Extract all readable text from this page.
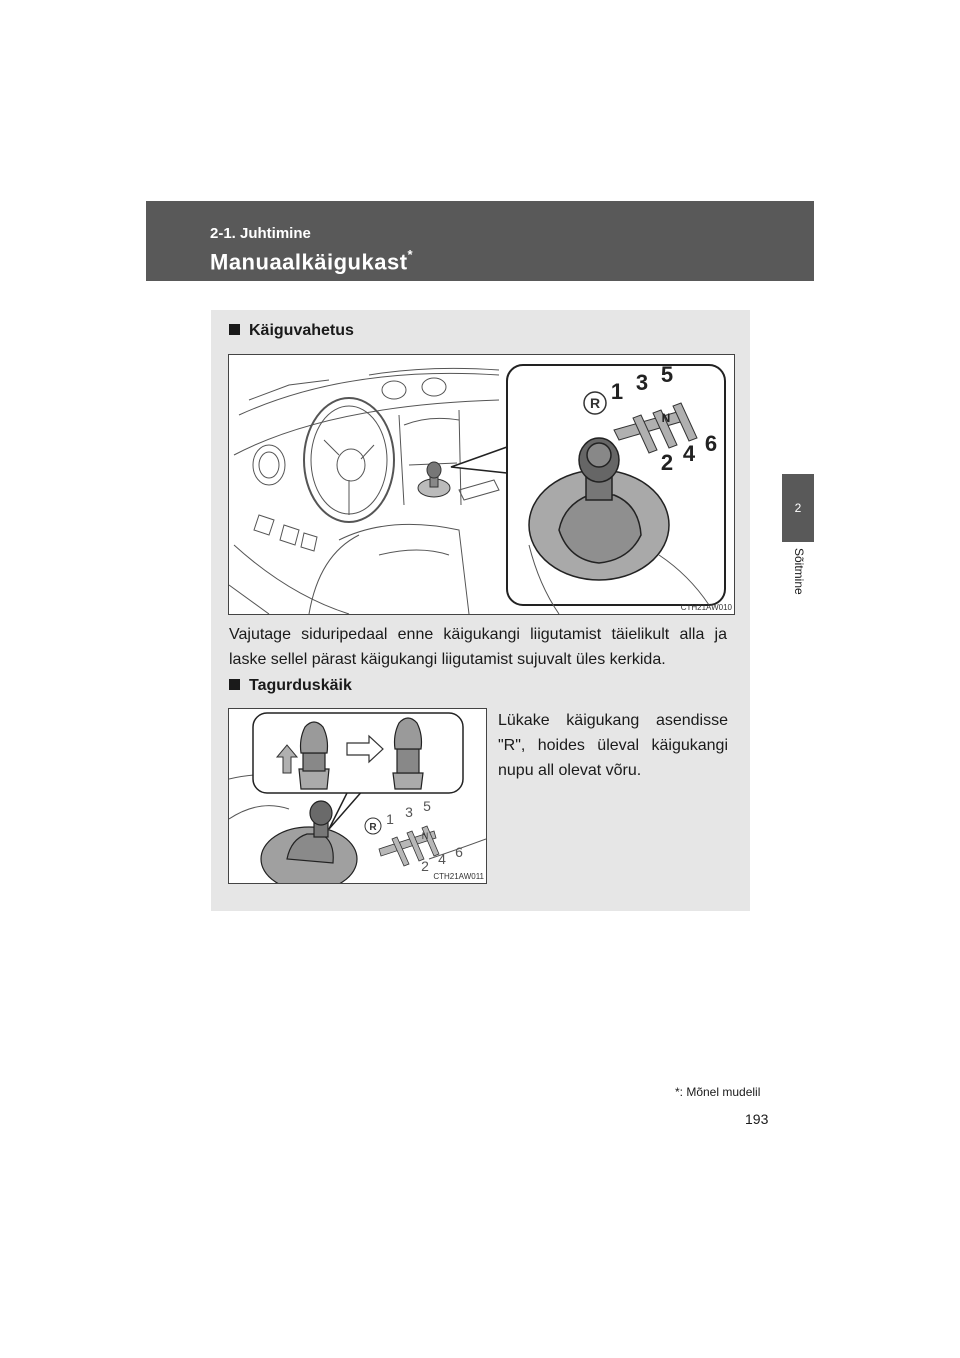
2-1. Juhtimine
Manuaalkäigukast*
2
Sõitmine
Käiguvahetus
R 1 3 5
N
2 4 6
CTH21AW010
Vajutage siduripedaal enne käigukangi liigutamist täielikult alla ja laske sellel pärast käigukangi liigutamist sujuvalt üles kerkida.
Tagurduskäik
R
1 3 5
N
2 4 6
CTH21AW011
Lükake käigukang asendisse "R", hoides üleval käigukangi nupu all olevat võru.
*: Mõnel mudelil
193
